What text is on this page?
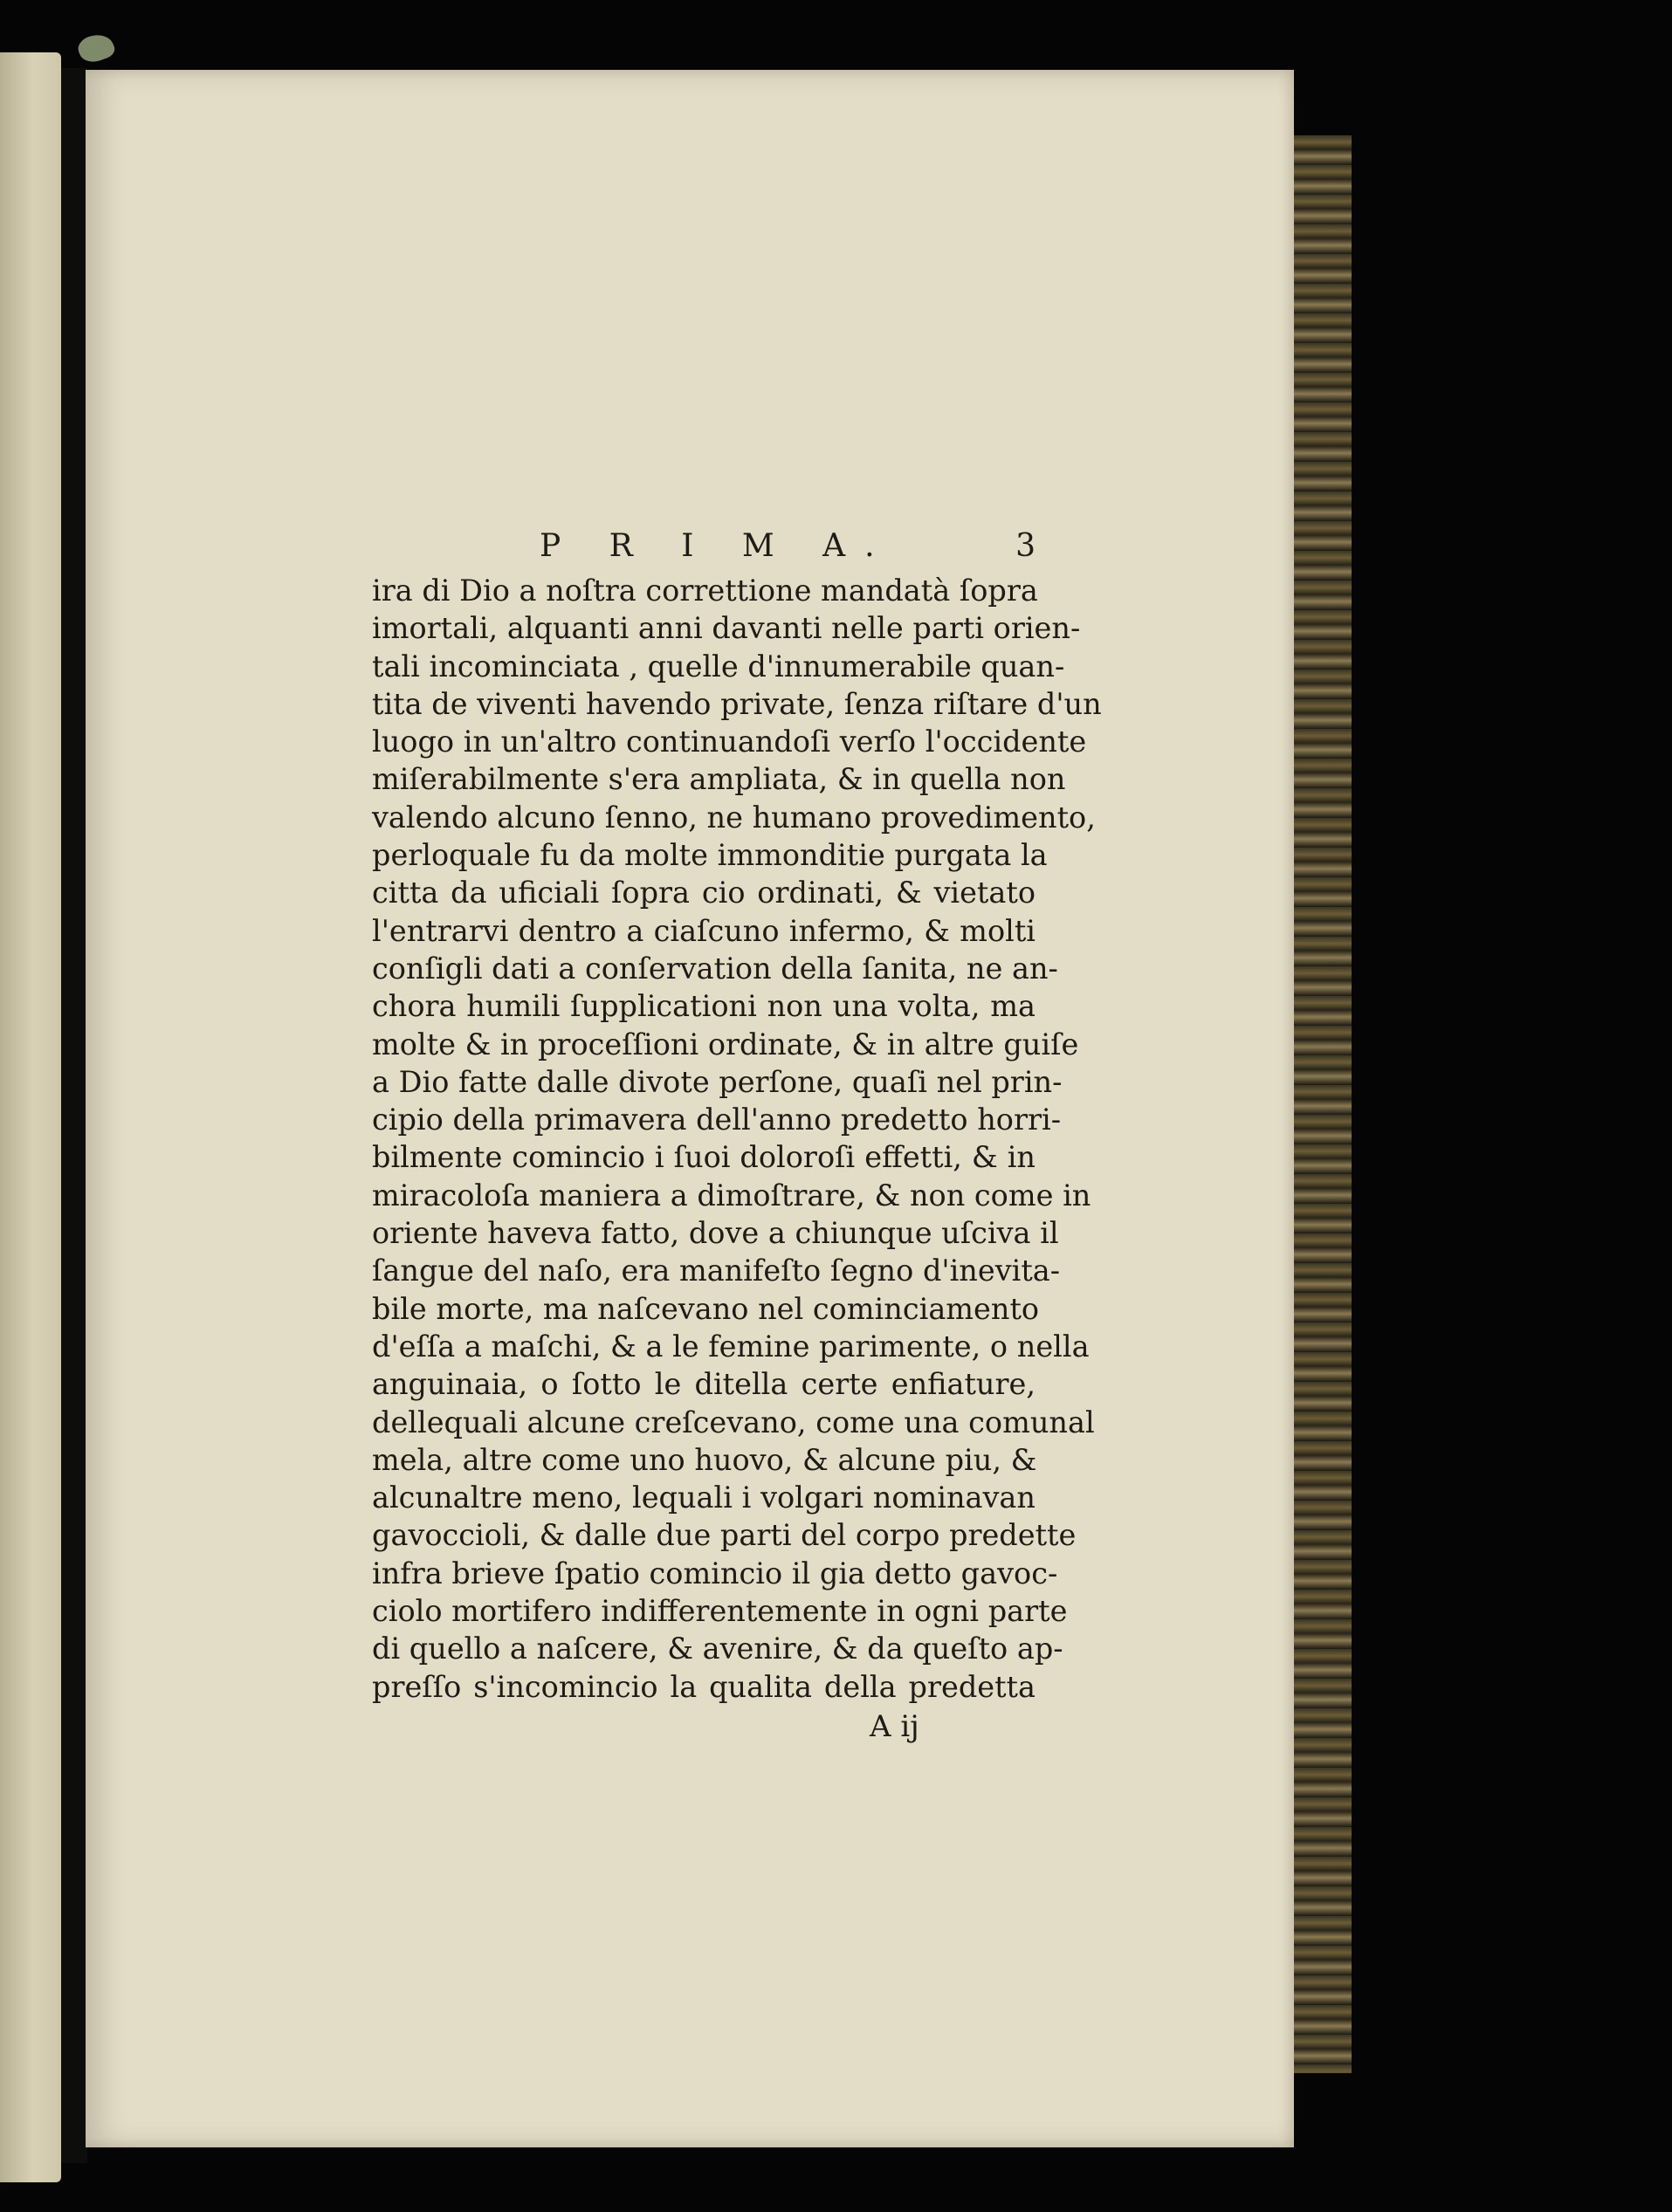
P R I M A.	3
ira di Dio a noſtra correttione mandatà ſopra
imortali, alquanti anni davanti nelle parti orien-
tali incominciata , quelle d'innumerabile quan-
tita de viventi havendo private, ſenza riſtare d'un
luogo in un'altro continuandoſi verſo l'occidente
miſerabilmente s'era ampliata, & in quella non
valendo alcuno ſenno, ne humano provedimento,
perloquale fu da molte immonditie purgata la
citta da uficiali ſopra cio ordinati, & vietato
l'entrarvi dentro a ciaſcuno infermo, & molti
conſigli dati a conſervation della ſanita, ne an-
chora humili ſupplicationi non una volta, ma
molte & in proceſſioni ordinate, & in altre guiſe
a Dio fatte dalle divote perſone, quaſi nel prin-
cipio della primavera dell'anno predetto horri-
bilmente comincio i ſuoi doloroſi effetti, & in
miracoloſa maniera a dimoſtrare, & non come in
oriente haveva fatto, dove a chiunque uſciva il
ſangue del naſo, era manifeſto ſegno d'inevita-
bile morte, ma naſcevano nel cominciamento
d'eſſa a maſchi, & a le femine parimente, o nella
anguinaia, o ſotto le ditella certe enfiature,
dellequali alcune creſcevano, come una comunal
mela, altre come uno huovo, & alcune piu, &
alcunaltre meno, lequali i volgari nominavan
gavoccioli, & dalle due parti del corpo predette
infra brieve ſpatio comincio il gia detto gavoc-
ciolo mortifero indifferentemente in ogni parte
di quello a naſcere, & avenire, & da queſto ap-
preſſo s'incomincio la qualita della predetta
A ij
